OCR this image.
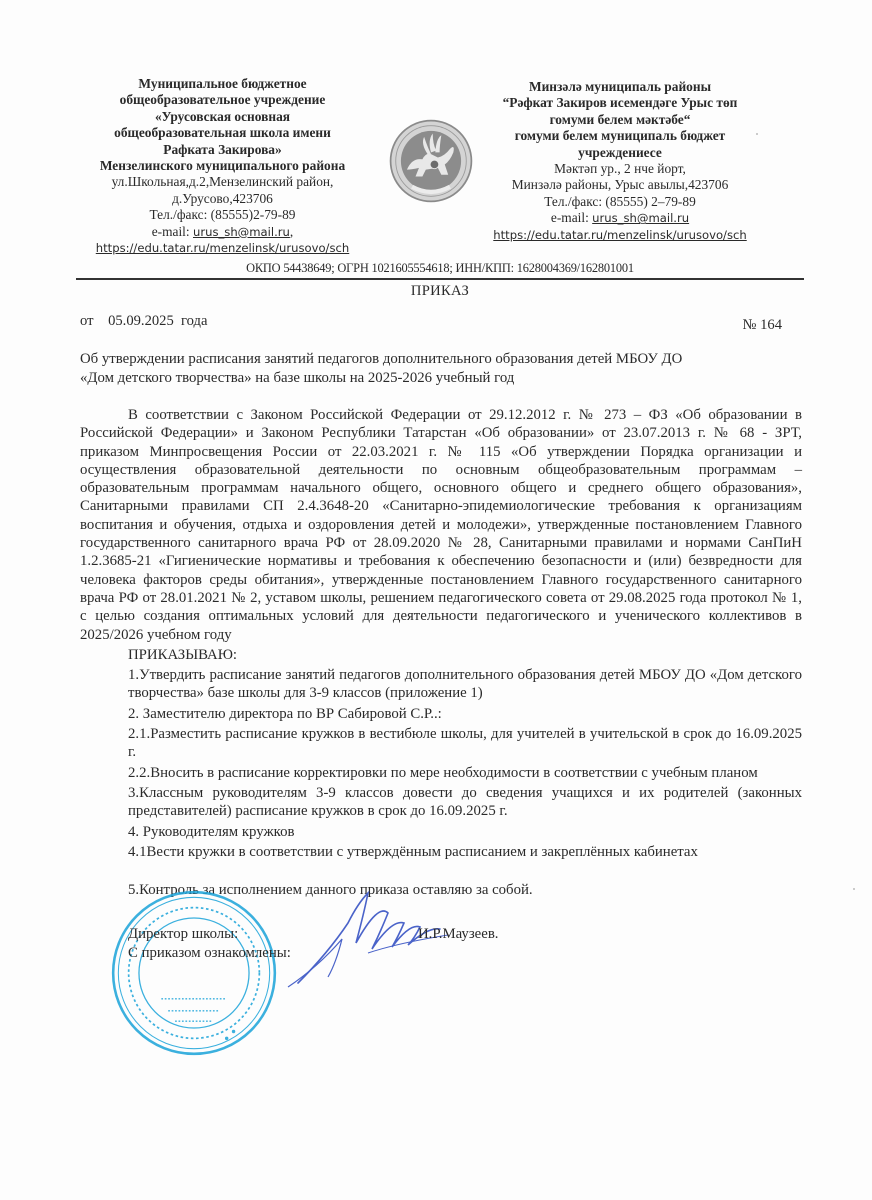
Муниципальное бюджетное
общеобразовательное учреждение
«Урусовская основная
общеобразовательная школа имени
Рафката Закирова»
Мензелинского муниципального района
ул.Школьная,д.2,Мензелинский район,
д.Урусово,423706
Тел./факс: (85555)2-79-89
e-mail: urus_sh@mail.ru,
https://edu.tatar.ru/menzelinsk/urusovo/sch
Минзәлә муниципаль районы
“Рәфкат Закиров исемендәге Урыс төп
гомуми белем мәктәбе“
гомуми белем муниципаль бюджет
учреждениесе
Мәктәп ур., 2 нче йорт,
Минзәлә районы, Урыс авылы,423706
Тел./факс: (85555) 2–79-89
e-mail: urus_sh@mail.ru
https://edu.tatar.ru/menzelinsk/urusovo/sch
ОКПО 54438649; ОГРН 1021605554618; ИНН/КПП: 1628004369/162801001
ПРИКАЗ
от 05.09.2025 года	№ 164
Об утверждении расписания занятий педагогов дополнительного образования детей МБОУ ДО
«Дом детского творчества» на базе школы на 2025-2026 учебный год

В соответствии с Законом Российской Федерации от 29.12.2012 г. № 273 – ФЗ «Об образовании в Российской Федерации» и Законом Республики Татарстан «Об образовании» от 23.07.2013 г. № 68 - ЗРТ, приказом Минпросвещения России от 22.03.2021 г. № 115 «Об утверждении Порядка организации и осуществления образовательной деятельности по основным общеобразовательным программам – образовательным программам начального общего, основного общего и среднего общего образования», Санитарными правилами СП 2.4.3648-20 «Санитарно-эпидемиологические требования к организациям воспитания и обучения, отдыха и оздоровления детей и молодежи», утвержденные постановлением Главного государственного санитарного врача РФ от 28.09.2020 № 28, Санитарными правилами и нормами СанПиН 1.2.3685-21 «Гигиенические нормативы и требования к обеспечению безопасности и (или) безвредности для человека факторов среды обитания», утвержденные постановлением Главного государственного санитарного врача РФ от 28.01.2021 № 2, уставом школы, решением педагогического совета от 29.08.2025 года протокол № 1, с целью создания оптимальных условий для деятельности педагогического и ученического коллективов в 2025/2026 учебном году

ПРИКАЗЫВАЮ:
1.Утвердить расписание занятий педагогов дополнительного образования детей МБОУ ДО «Дом детского творчества» базе школы для 3-9 классов (приложение 1)
2. Заместителю директора по ВР Сабировой С.Р..:
2.1.Разместить расписание кружков в вестибюле школы, для учителей в учительской в срок до 16.09.2025 г.
2.2.Вносить в расписание корректировки по мере необходимости в соответствии с учебным планом
3.Классным руководителям 3-9 классов довести до сведения учащихся и их родителей (законных представителей) расписание кружков в срок до 16.09.2025 г.
4. Руководителям кружков
4.1Вести кружки в соответствии с утверждённым расписанием и закреплённых кабинетах
5.Контроль за исполнением данного приказа оставляю за собой.
Директор школы:	И.Р.Маузеев.
С приказом ознакомлены:
